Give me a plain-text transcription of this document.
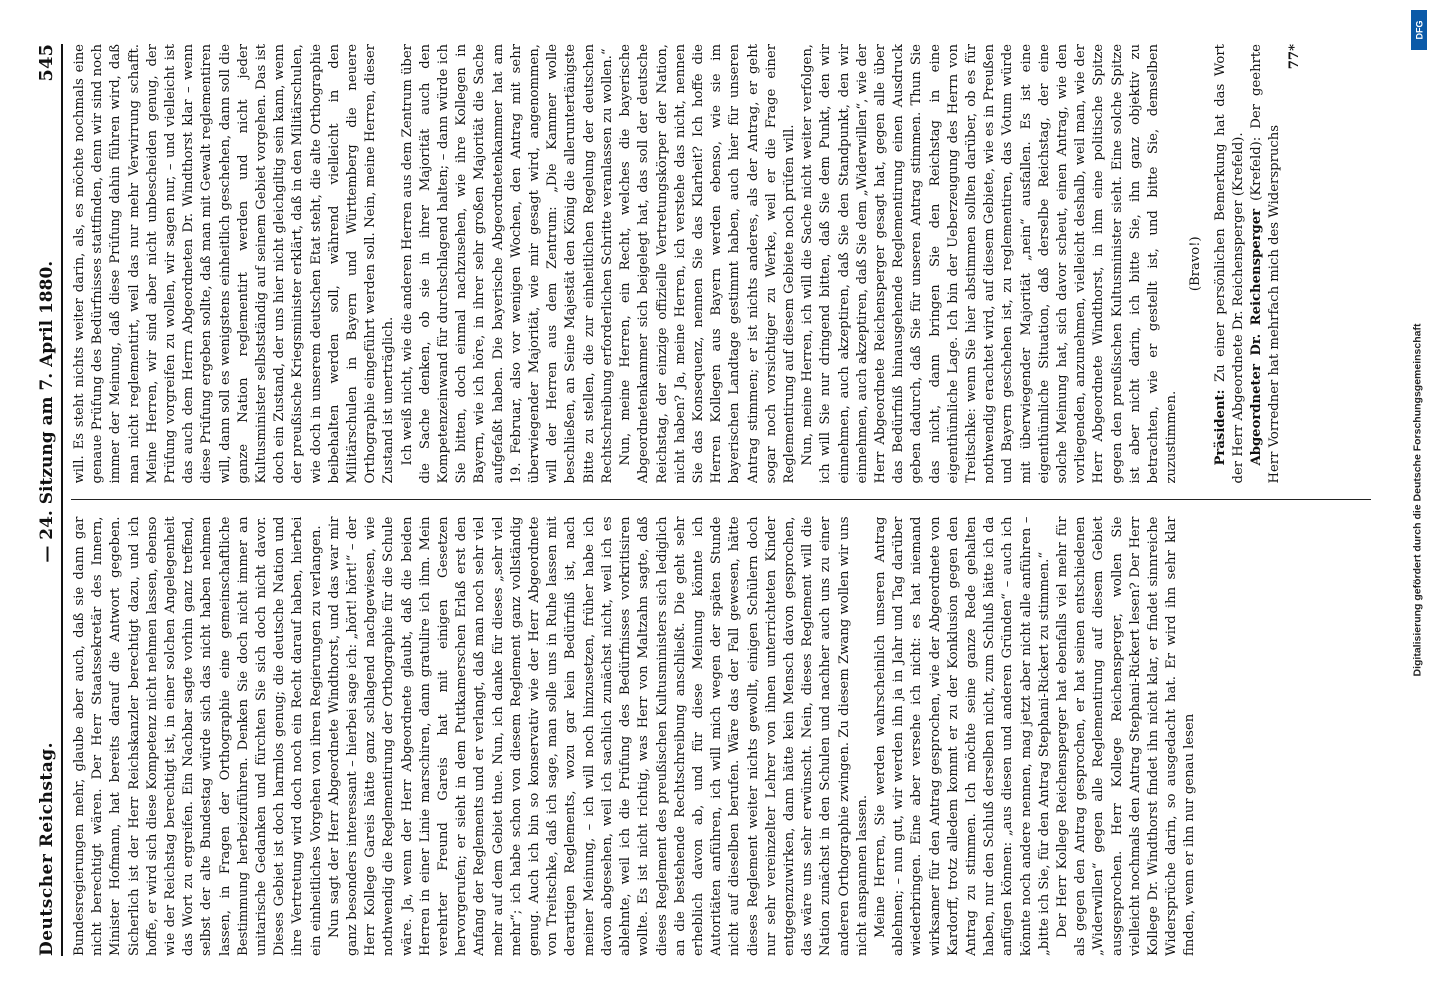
Deutscher Reichstag.
— 24. Sitzung am 7. April 1880.
545

Bundesregierungen mehr, glaube aber auch, daß sie dann gar nicht berechtigt wären. Der Herr Staatssekretär des Innern, Minister Hofmann, hat bereits darauf die Antwort gegeben. Sicherlich ist der Herr Reichskanzler berechtigt dazu, und ich hoffe, er wird sich diese Kompetenz nicht nehmen lassen, ebenso wie der Reichstag berechtigt ist, in einer solchen Angelegenheit das Wort zu ergreifen. Ein Nachbar sagte vorhin ganz treffend, selbst der alte Bundestag würde sich das nicht haben nehmen lassen, in Fragen der Orthographie eine gemeinschaftliche Bestimmung herbeizuführen. Denken Sie doch nicht immer an unitarische Gedanken und fürchten Sie sich doch nicht davor. Dieses Gebiet ist doch harmlos genug; die deutsche Nation und ihre Vertretung wird doch noch ein Recht darauf haben, hierbei ein einheitliches Vorgehen von ihren Regierungen zu verlangen. Nun sagt der Herr Abgeordnete Windthorst, und das war mir ganz besonders interessant – hierbei sage ich: „hört! hört!“ – der Herr Kollege Gareis hätte ganz schlagend nachgewiesen, wie nothwendig die Reglementirung der Orthographie für die Schule wäre. Ja, wenn der Herr Abgeordnete glaubt, daß die beiden Herren in einer Linie marschiren, dann gratulire ich ihm. Mein verehrter Freund Gareis hat mit einigen Gesetzen hervorgerufen; er sieht in dem Puttkamerschen Erlaß erst den Anfang der Reglements und er verlangt, daß man noch sehr viel mehr auf dem Gebiet thue. Nun, ich danke für dieses „sehr viel mehr“; ich habe schon von diesem Reglement ganz vollständig genug. Auch ich bin so konservativ wie der Herr Abgeordnete von Treitschke, daß ich sage, man solle uns in Ruhe lassen mit derartigen Reglements, wozu gar kein Bedürfniß ist, nach meiner Meinung, – ich will noch hinzusetzen, früher habe ich davon abgesehen, weil ich sachlich zunächst nicht, weil ich es ablehnte, weil ich die Prüfung des Bedürfnisses vorkritisiren wollte. Es ist nicht richtig, was Herr von Maltzahn sagte, daß dieses Reglement des preußischen Kultusministers sich lediglich an die bestehende Rechtschreibung anschließt. Die geht sehr erheblich davon ab, und für diese Meinung könnte ich Autoritäten anführen, ich will mich wegen der späten Stunde nicht auf dieselben berufen. Wäre das der Fall gewesen, hätte dieses Reglement weiter nichts gewollt, einigen Schülern doch nur sehr vereinzelter Lehrer von ihnen unterrichteten Kinder entgegenzuwirken, dann hätte kein Mensch davon gesprochen, das wäre uns sehr erwünscht. Nein, dieses Reglement will die Nation zunächst in den Schulen und nachher auch uns zu einer anderen Orthographie zwingen. Zu diesem Zwang wollen wir uns nicht anspannen lassen. Meine Herren, Sie werden wahrscheinlich unseren Antrag ablehnen; – nun gut, wir werden ihn ja in Jahr und Tag darüber wiederbringen. Eine aber versehe ich nicht: es hat niemand wirksamer für den Antrag gesprochen, wie der Abgeordnete von Kardorff, trotz alledem kommt er zu der Konklusion gegen den Antrag zu stimmen. Ich möchte seine ganze Rede gehalten haben, nur den Schluß derselben nicht, zum Schluß hätte ich da anfügen können: „aus diesen und anderen Gründen“ – auch ich könnte noch andere nennen, mag jetzt aber nicht alle anführen – „bitte ich Sie, für den Antrag Stephani-Rickert zu stimmen.“ Der Herr Kollege Reichensperger hat ebenfalls viel mehr für als gegen den Antrag gesprochen, er hat seinen entschiedenen „Widerwillen“ gegen alle Reglementirung auf diesem Gebiet ausgesprochen. Herr Kollege Reichensperger, wollen Sie vielleicht nochmals den Antrag Stephani-Rickert lesen? Der Herr Kollege Dr. Windthorst findet ihn nicht klar, er findet sinnreiche Widersprüche darin, so ausgedacht hat. Er wird ihn sehr klar finden, wenn er ihn nur genau lesen

will. Es steht nichts weiter darin, als, es möchte nochmals eine genaue Prüfung des Bedürfnisses stattfinden, denn wir sind noch immer der Meinung, daß diese Prüfung dahin führen wird, daß man nicht reglementirt, weil das nur mehr Verwirrung schafft. Meine Herren, wir sind aber nicht unbescheiden genug, der Prüfung vorgreifen zu wollen, wir sagen nur, – und vielleicht ist das auch dem Herrn Abgeordneten Dr. Windthorst klar – wenn diese Prüfung ergeben sollte, daß man mit Gewalt reglementiren will, dann soll es wenigstens einheitlich geschehen, dann soll die ganze Nation reglementirt werden und nicht jeder Kultusminister selbstständig auf seinem Gebiet vorgehen. Das ist doch ein Zustand, der uns hier nicht gleichgiltig sein kann, wenn der preußische Kriegsminister erklärt, daß in den Militärschulen, wie doch in unserem deutschen Etat steht, die alte Orthographie beibehalten werden soll, während vielleicht in den Militärschulen in Bayern und Württemberg die neuere Orthographie eingeführt werden soll. Nein, meine Herren, dieser Zustand ist unerträglich. Ich weiß nicht, wie die anderen Herren aus dem Zentrum über die Sache denken, ob sie in ihrer Majorität auch den Kompetenzeinwand für durchschlagend halten; – dann würde ich Sie bitten, doch einmal nachzusehen, wie ihre Kollegen in Bayern, wie ich höre, in ihrer sehr großen Majorität die Sache aufgefaßt haben. Die bayerische Abgeordnetenkammer hat am 19. Februar, also vor wenigen Wochen, den Antrag mit sehr überwiegender Majorität, wie mir gesagt wird, angenommen, will der Herren aus dem Zentrum: „Die Kammer wolle beschließen, an Seine Majestät den König die alleruntertänigste Bitte zu stellen, die zur einheitlichen Regelung der deutschen Rechtschreibung erforderlichen Schritte veranlassen zu wollen.“ Nun, meine Herren, ein Recht, welches die bayerische Abgeordnetenkammer sich beigelegt hat, das soll der deutsche Reichstag, der einzige offizielle Vertretungskörper der Nation, nicht haben? Ja, meine Herren, ich verstehe das nicht, nennen Sie das Konsequenz, nennen Sie das Klarheit? Ich hoffe die Herren Kollegen aus Bayern werden ebenso, wie sie im bayerischen Landtage gestimmt haben, auch hier für unseren Antrag stimmen; er ist nichts anderes, als der Antrag, er geht sogar noch vorsichtiger zu Werke, weil er die Frage einer Reglementirung auf diesem Gebiete noch prüfen will. Nun, meine Herren, ich will die Sache nicht weiter verfolgen, ich will Sie nur dringend bitten, daß Sie dem Punkt, den wir einnehmen, auch akzeptiren, daß Sie den Standpunkt, den wir einnehmen, auch akzeptiren, daß Sie dem „Widerwillen“, wie der Herr Abgeordnete Reichensperger gesagt hat, gegen alle über das Bedürfniß hinausgehende Reglementirung einen Ausdruck geben dadurch, daß Sie für unseren Antrag stimmen. Thun Sie das nicht, dann bringen Sie den Reichstag in eine eigenthümliche Lage. Ich bin der Ueberzeugung des Herrn von Treitschke: wenn Sie hier abstimmen sollten darüber, ob es für nothwendig erachtet wird, auf diesem Gebiete, wie es in Preußen und Bayern geschehen ist, zu reglementiren, das Votum würde mit überwiegender Majorität „nein“ ausfallen. Es ist eine eigenthümliche Situation, daß derselbe Reichstag, der eine solche Meinung hat, sich davor scheut, einen Antrag, wie den vorliegenden, anzunehmen, vielleicht deshalb, weil man, wie der Herr Abgeordnete Windthorst, in ihm eine politische Spitze gegen den preußischen Kultusminister sieht. Eine solche Spitze ist aber nicht darin, ich bitte Sie, ihn ganz objektiv zu betrachten, wie er gestellt ist, und bitte Sie, demselben zuzustimmen.

(Bravo!)

Präsident: Zu einer persönlichen Bemerkung hat das Wort der Herr Abgeordnete Dr. Reichensperger (Krefeld). Abgeordneter Dr. Reichensperger (Krefeld): Der geehrte Herr Vorredner hat mehrfach mich des Widerspruchs

77*

DFG
Digitalisierung gefördert durch die Deutsche Forschungsgemeinschaft
